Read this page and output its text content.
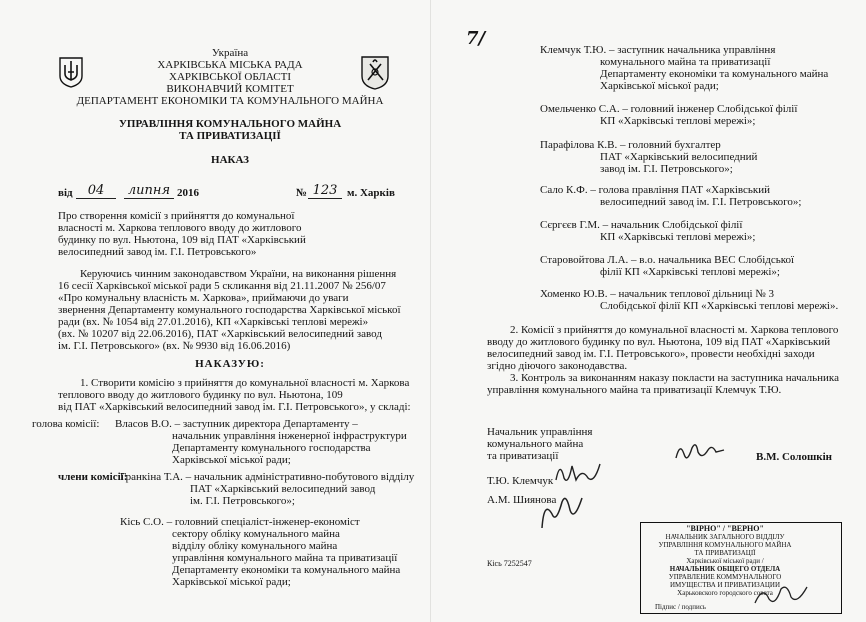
Україна
ХАРКІВСЬКА МІСЬКА РАДА
ХАРКІВСЬКОЇ ОБЛАСТІ
ВИКОНАВЧИЙ КОМІТЕТ
ДЕПАРТАМЕНТ ЕКОНОМІКИ ТА КОМУНАЛЬНОГО МАЙНА
УПРАВЛІННЯ КОМУНАЛЬНОГО МАЙНА
ТА ПРИВАТИЗАЦІЇ
НАКАЗ
від	04	липня 2016	№ 123 м. Харків
Про створення комісії з прийняття до комунальної
власності м. Харкова теплового вводу до житлового
будинку по вул. Ньютона, 109 від ПАТ «Харківський
велосипедний завод ім. Г.І. Петровського»
Керуючись чинним законодавством України, на виконання рішення
16 сесії Харківської міської ради 5 скликання від 21.11.2007 № 256/07
«Про комунальну власність м. Харкова», приймаючи до уваги
звернення Департаменту комунального господарства Харківської міської
ради (вх. № 1054 від 27.01.2016), КП «Харківські теплові мережі»
(вх. № 10207 від 22.06.2016), ПАТ «Харківський велосипедний завод
ім. Г.І. Петровського» (вх. № 9930 від 16.06.2016)
НАКАЗУЮ:
1. Створити комісію з прийняття до комунальної власності м. Харкова
теплового вводу до житлового будинку по вул. Ньютона, 109
від ПАТ «Харківський велосипедний завод ім. Г.І. Петровського», у складі:
голова комісії: Власов В.О. – заступник директора Департаменту –
начальник управління інженерної інфраструктури
Департаменту комунального господарства
Харківської міської ради;
члени комісії:
Гранкіна Т.А. – начальник адміністративно-побутового відділу
ПАТ «Харківський велосипедний завод
ім. Г.І. Петровського»;
Кісь С.О. – головний спеціаліст-інженер-економіст
сектору обліку комунального майна
відділу обліку комунального майна
управління комунального майна та приватизації
Департаменту економіки та комунального майна
Харківської міської ради;
7/
Клемчук Т.Ю. – заступник начальника управління
комунального майна та приватизації
Департаменту економіки та комунального майна
Харківської міської ради;
Омельченко С.А. – головний інженер Слобідської філії
КП «Харківські теплові мережі»;
Парафілова К.В. – головний бухгалтер
ПАТ «Харківський велосипедний
завод ім. Г.І. Петровського»;
Сало К.Ф. – голова правління ПАТ «Харківський
велосипедний завод ім. Г.І. Петровського»;
Сєргєєв Г.М. – начальник Слобідської філії
КП «Харківські теплові мережі»;
Старовойтова Л.А. – в.о. начальника ВЕС Слобідської
філії КП «Харківські теплові мережі»;
Хоменко Ю.В. – начальник теплової дільниці № 3
Слобідської філії КП «Харківські теплові мережі».
2. Комісії з прийняття до комунальної власності м. Харкова теплового
вводу до житлового будинку по вул. Ньютона, 109 від ПАТ «Харківський
велосипедний завод ім. Г.І. Петровського», провести необхідні заходи
згідно діючого законодавства.
3. Контроль за виконанням наказу покласти на заступника начальника
управління комунального майна та приватизації Клемчук Т.Ю.
Начальник управління
комунального майна
та приватизації	В.М. Солошкін
Т.Ю. Клемчук
А.М. Шиянова
Кісь 7252547
"ВІРНО" / "ВЕРНО"
НАЧАЛЬНИК ЗАГАЛЬНОГО ВІДДІЛУ
УПРАВЛІННЯ КОМУНАЛЬНОГО МАЙНА ТА ПРИВАТИЗАЦІЇ
Харківської міської ради /
НАЧАЛЬНИК ОБЩЕГО ОТДЕЛА
УПРАВЛЕНИЕ КОММУНАЛЬНОГО ИМУЩЕСТВА И ПРИВАТИЗАЦИИ
Харьковского городского совета
Підпис / подпись
